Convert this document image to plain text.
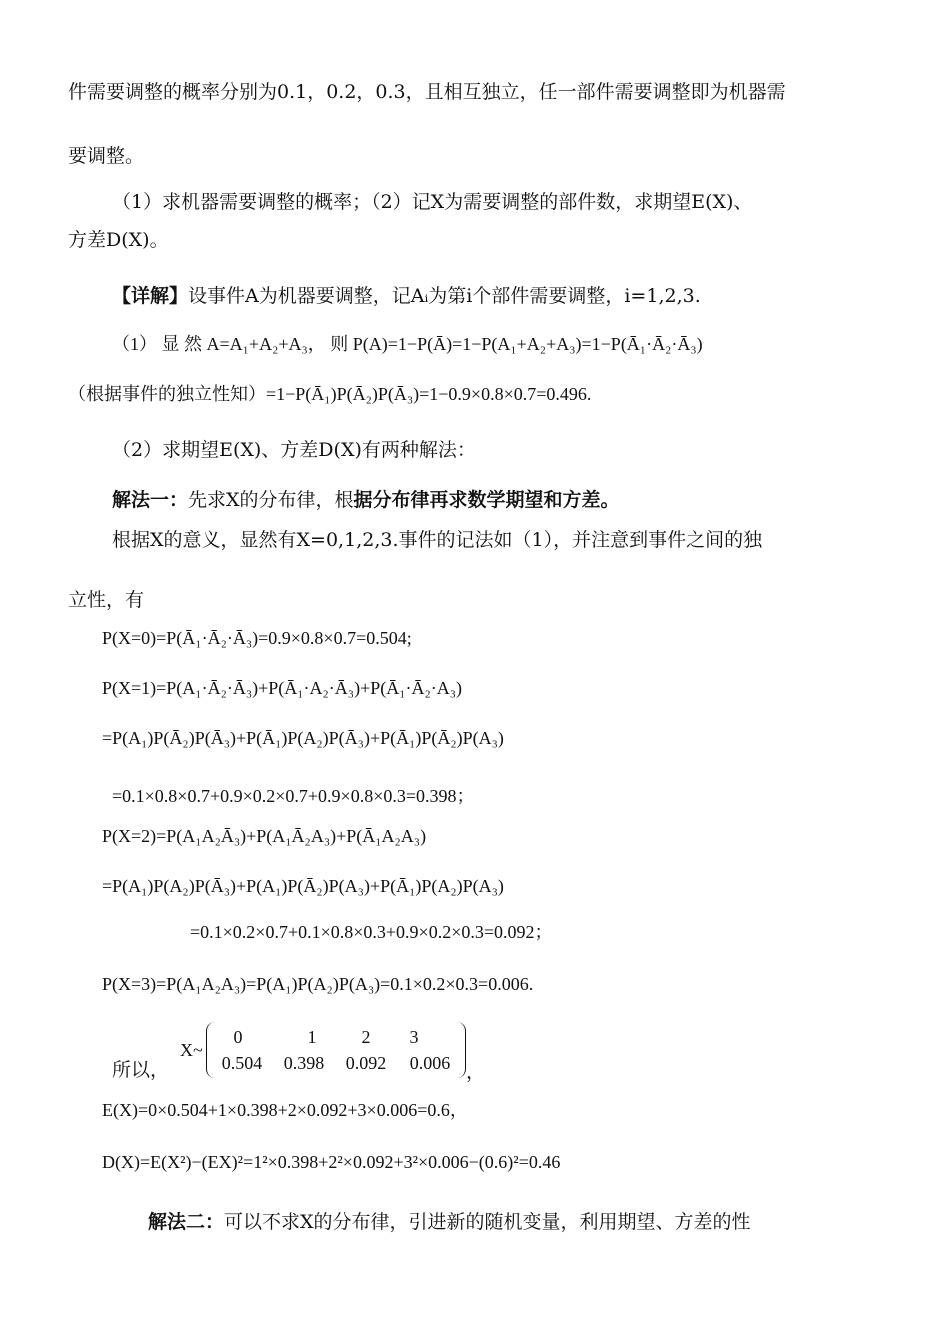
件需要调整的概率分别为0.1，0.2，0.3，且相互独立，任一部件需要调整即为机器需
要调整。
（1）求机器需要调整的概率；（2）记X为需要调整的部件数，求期望E(X)、
方差D(X)。
【详解】设事件A为机器要调整，记Aᵢ为第i个部件需要调整，i=1,2,3.
（1） 显 然 A=A₁+A₂+A₃， 则 P(A)=1−P(Ā)=1−P(A₁+A₂+A₃)=1−P(Ā₁·Ā₂·Ā₃)
（根据事件的独立性知）=1−P(Ā₁)P(Ā₂)P(Ā₃)=1−0.9×0.8×0.7=0.496.
（2）求期望E(X)、方差D(X)有两种解法：
解法一：先求X的分布律，根据分布律再求数学期望和方差。
根据X的意义，显然有X=0,1,2,3.事件的记法如（1），并注意到事件之间的独
立性，有
P(X=0)=P(Ā₁·Ā₂·Ā₃)=0.9×0.8×0.7=0.504;
P(X=1)=P(A₁·Ā₂·Ā₃)+P(Ā₁·A₂·Ā₃)+P(Ā₁·Ā₂·A₃)
=P(A₁)P(Ā₂)P(Ā₃)+P(Ā₁)P(A₂)P(Ā₃)+P(Ā₁)P(Ā₂)P(A₃)
=0.1×0.8×0.7+0.9×0.2×0.7+0.9×0.8×0.3=0.398；
P(X=2)=P(A₁A₂Ā₃)+P(A₁Ā₂A₃)+P(Ā₁A₂A₃)
=P(A₁)P(A₂)P(Ā₃)+P(A₁)P(Ā₂)P(A₃)+P(Ā₁)P(A₂)P(A₃)
=0.1×0.2×0.7+0.1×0.8×0.3+0.9×0.2×0.3=0.092；
P(X=3)=P(A₁A₂A₃)=P(A₁)P(A₂)P(A₃)=0.1×0.2×0.3=0.006.
所以，
X~
0	1	2	3
0.504	0.398	0.092	0.006 ，
E(X)=0×0.504+1×0.398+2×0.092+3×0.006=0.6，
D(X)=E(X²)−(EX)²=1²×0.398+2²×0.092+3²×0.006−(0.6)²=0.46
解法二：可以不求X的分布律，引进新的随机变量，利用期望、方差的性
